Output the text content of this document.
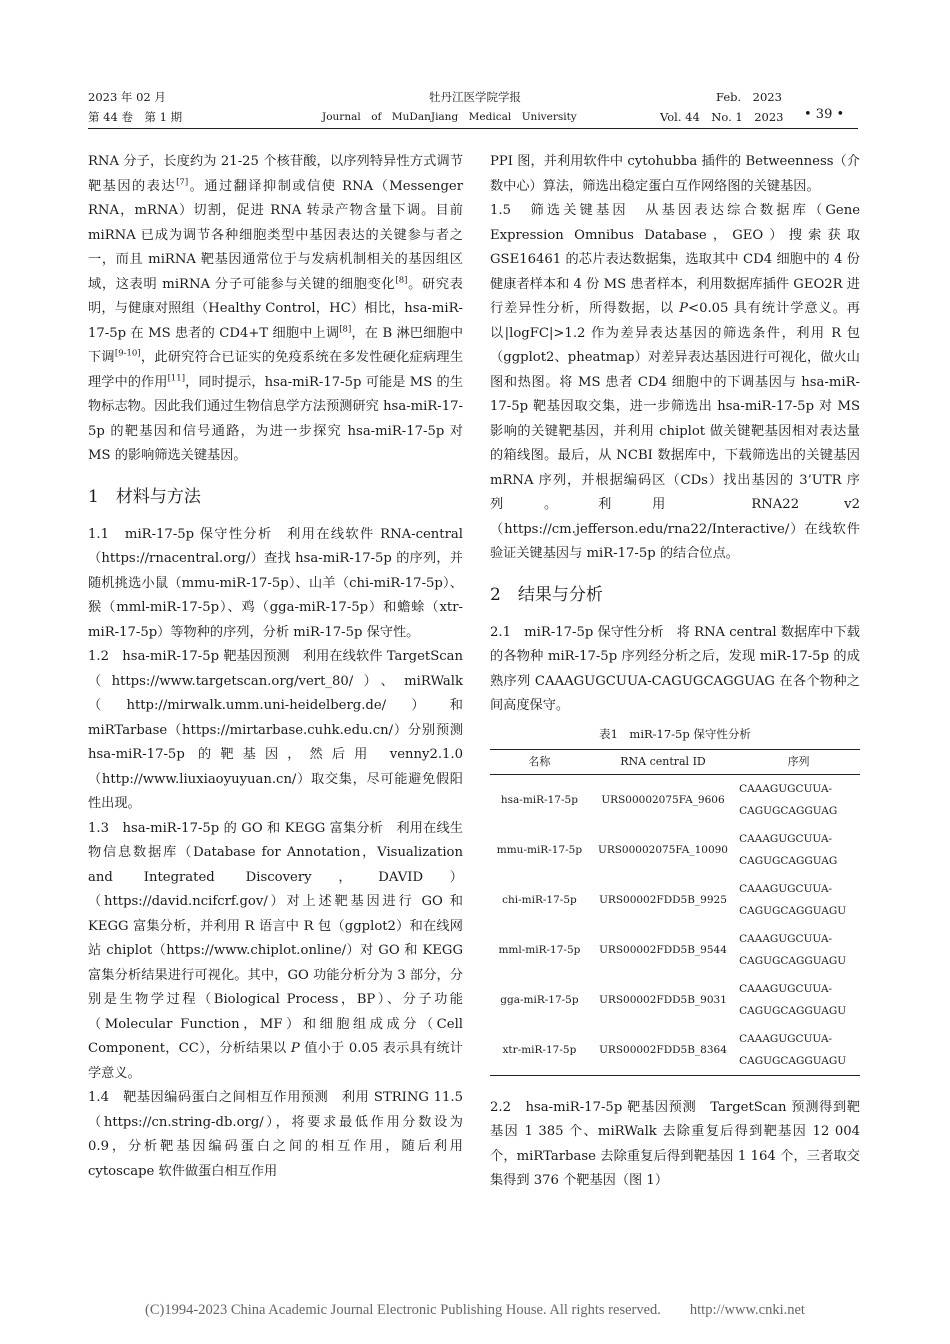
2023 年 02 月
第 44 卷　第 1 期
牡丹江医学院学报
Journal　of　MuDanJiang　Medical　University
Feb.　2023
Vol. 44　No. 1　2023 • 39 •

RNA 分子，长度约为 21-25 个核苷酸，以序列特异性方式调节靶基因的表达[7]。通过翻译抑制或信使 RNA（Messenger RNA，mRNA）切割，促进 RNA 转录产物含量下调。目前 miRNA 已成为调节各种细胞类型中基因表达的关键参与者之一，而且 miRNA 靶基因通常位于与发病机制相关的基因组区域，这表明 miRNA 分子可能参与关键的细胞变化[8]。研究表明，与健康对照组（Healthy Control，HC）相比，hsa-miR-17-5p 在 MS 患者的 CD4+T 细胞中上调[8]，在 B 淋巴细胞中下调[9-10]，此研究符合已证实的免疫系统在多发性硬化症病理生理学中的作用[11]，同时提示，hsa-miR-17-5p 可能是 MS 的生物标志物。因此我们通过生物信息学方法预测研究 hsa-miR-17-5p 的靶基因和信号通路，为进一步探究 hsa-miR-17-5p 对 MS 的影响筛选关键基因。

1　材料与方法

1.1　miR-17-5p 保守性分析　利用在线软件 RNA-central（https://rnacentral.org/）查找 hsa-miR-17-5p 的序列，并随机挑选小鼠（mmu-miR-17-5p）、山羊（chi-miR-17-5p）、猴（mml-miR-17-5p）、鸡（gga-miR-17-5p）和蟾蜍（xtr-miR-17-5p）等物种的序列，分析 miR-17-5p 保守性。

1.2　hsa-miR-17-5p 靶基因预测　利用在线软件 TargetScan（https://www.targetscan.org/vert_80/）、miRWalk（http://mirwalk.umm.uni-heidelberg.de/）和 miRTarbase（https://mirtarbase.cuhk.edu.cn/）分别预测 hsa-miR-17-5p 的靶基因，然后用 venny2.1.0（http://www.liuxiaoyuyuan.cn/）取交集，尽可能避免假阳性出现。

1.3　hsa-miR-17-5p 的 GO 和 KEGG 富集分析　利用在线生物信息数据库（Database for Annotation，Visualization and Integrated Discovery，DAVID）（https://david.ncifcrf.gov/）对上述靶基因进行 GO 和 KEGG 富集分析，并利用 R 语言中 R 包（ggplot2）和在线网站 chiplot（https://www.chiplot.online/）对 GO 和 KEGG 富集分析结果进行可视化。其中，GO 功能分析分为 3 部分，分别是生物学过程（Biological Process，BP）、分子功能（Molecular Function，MF）和细胞组成成分（Cell Component，CC），分析结果以 P 值小于 0.05 表示具有统计学意义。

1.4　靶基因编码蛋白之间相互作用预测　利用 STRING 11.5（https://cn.string-db.org/），将要求最低作用分数设为 0.9，分析靶基因编码蛋白之间的相互作用，随后利用 cytoscape 软件做蛋白相互作用

PPI 图，并利用软件中 cytohubba 插件的 Betweenness（介数中心）算法，筛选出稳定蛋白互作网络图的关键基因。

1.5　筛选关键基因　从基因表达综合数据库（Gene Expression Omnibus Database，GEO）搜索获取 GSE16461 的芯片表达数据集，选取其中 CD4 细胞中的 4 份健康者样本和 4 份 MS 患者样本，利用数据库插件 GEO2R 进行差异性分析，所得数据，以 P<0.05 具有统计学意义。再以|logFC|>1.2 作为差异表达基因的筛选条件，利用 R 包（ggplot2、pheatmap）对差异表达基因进行可视化，做火山图和热图。将 MS 患者 CD4 细胞中的下调基因与 hsa-miR-17-5p 靶基因取交集，进一步筛选出 hsa-miR-17-5p 对 MS 影响的关键靶基因，并利用 chiplot 做关键靶基因相对表达量的箱线图。最后，从 NCBI 数据库中，下载筛选出的关键基因 mRNA 序列，并根据编码区（CDs）找出基因的 3’UTR 序列。利用 RNA22 v2（https://cm.jefferson.edu/rna22/Interactive/）在线软件验证关键基因与 miR-17-5p 的结合位点。

2　结果与分析

2.1　miR-17-5p 保守性分析　将 RNA central 数据库中下载的各物种 miR-17-5p 序列经分析之后，发现 miR-17-5p 的成熟序列 CAAAGUGCUUA-CAGUGCAGGUAG 在各个物种之间高度保守。

表1　miR-17-5p 保守性分析

名称	RNA central ID	序列
hsa-miR-17-5p	URS00002075FA_9606	CAAAGUGCUUA-
CAGUGCAGGUAG
mmu-miR-17-5p	URS00002075FA_10090	CAAAGUGCUUA-
CAGUGCAGGUAG
chi-miR-17-5p	URS00002FDD5B_9925	CAAAGUGCUUA-
CAGUGCAGGUAGU
mml-miR-17-5p	URS00002FDD5B_9544	CAAAGUGCUUA-
CAGUGCAGGUAGU
gga-miR-17-5p	URS00002FDD5B_9031	CAAAGUGCUUA-
CAGUGCAGGUAGU
xtr-miR-17-5p	URS00002FDD5B_8364	CAAAGUGCUUA-
CAGUGCAGGUAGU

2.2　hsa-miR-17-5p 靶基因预测　TargetScan 预测得到靶基因 1 385 个、miRWalk 去除重复后得到靶基因 12 004 个，miRTarbase 去除重复后得到靶基因 1 164 个，三者取交集得到 376 个靶基因（图 1）

(C)1994-2023 China Academic Journal Electronic Publishing House. All rights reserved.　　http://www.cnki.net
